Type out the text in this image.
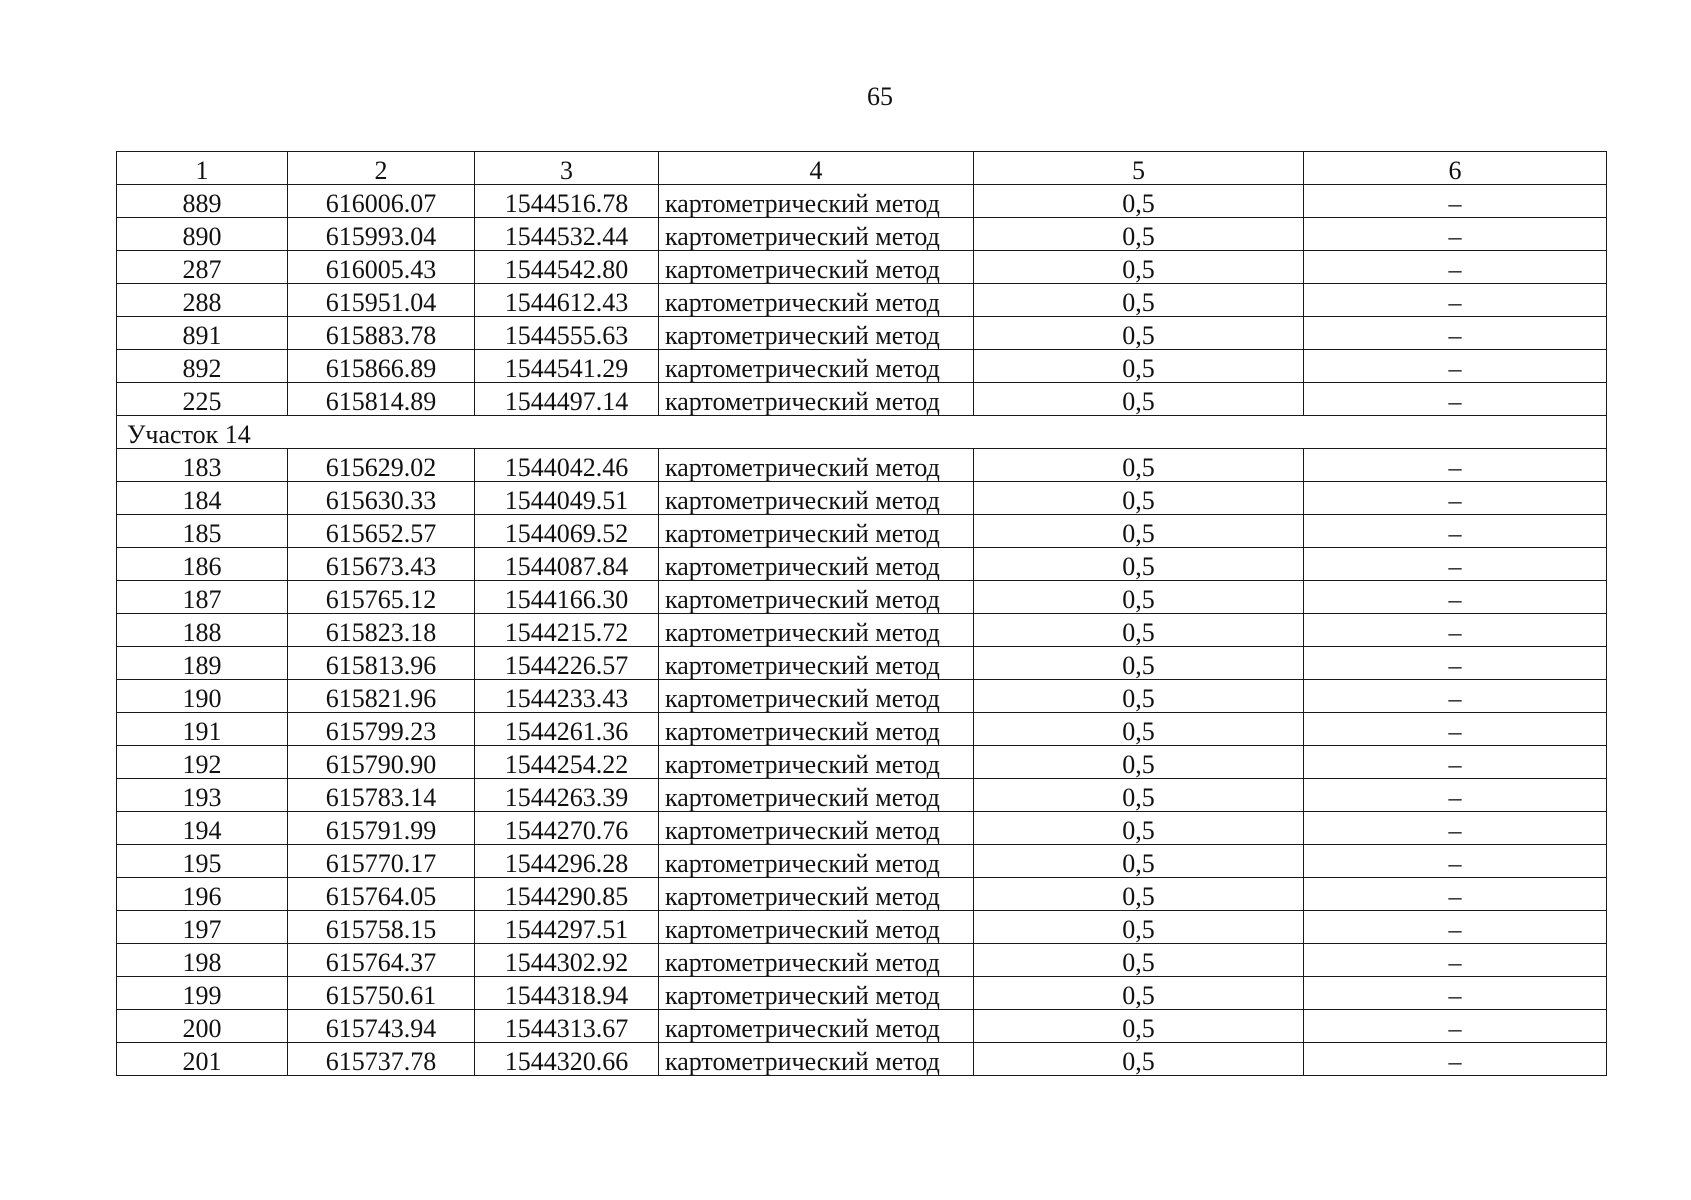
65
1	2	3	4	5	6
889	616006.07	1544516.78	картометрический метод	0,5	–
890	615993.04	1544532.44	картометрический метод	0,5	–
287	616005.43	1544542.80	картометрический метод	0,5	–
288	615951.04	1544612.43	картометрический метод	0,5	–
891	615883.78	1544555.63	картометрический метод	0,5	–
892	615866.89	1544541.29	картометрический метод	0,5	–
225	615814.89	1544497.14	картометрический метод	0,5	–
Участок 14					
183	615629.02	1544042.46	картометрический метод	0,5	–
184	615630.33	1544049.51	картометрический метод	0,5	–
185	615652.57	1544069.52	картометрический метод	0,5	–
186	615673.43	1544087.84	картометрический метод	0,5	–
187	615765.12	1544166.30	картометрический метод	0,5	–
188	615823.18	1544215.72	картометрический метод	0,5	–
189	615813.96	1544226.57	картометрический метод	0,5	–
190	615821.96	1544233.43	картометрический метод	0,5	–
191	615799.23	1544261.36	картометрический метод	0,5	–
192	615790.90	1544254.22	картометрический метод	0,5	–
193	615783.14	1544263.39	картометрический метод	0,5	–
194	615791.99	1544270.76	картометрический метод	0,5	–
195	615770.17	1544296.28	картометрический метод	0,5	–
196	615764.05	1544290.85	картометрический метод	0,5	–
197	615758.15	1544297.51	картометрический метод	0,5	–
198	615764.37	1544302.92	картометрический метод	0,5	–
199	615750.61	1544318.94	картометрический метод	0,5	–
200	615743.94	1544313.67	картометрический метод	0,5	–
201	615737.78	1544320.66	картометрический метод	0,5	–
